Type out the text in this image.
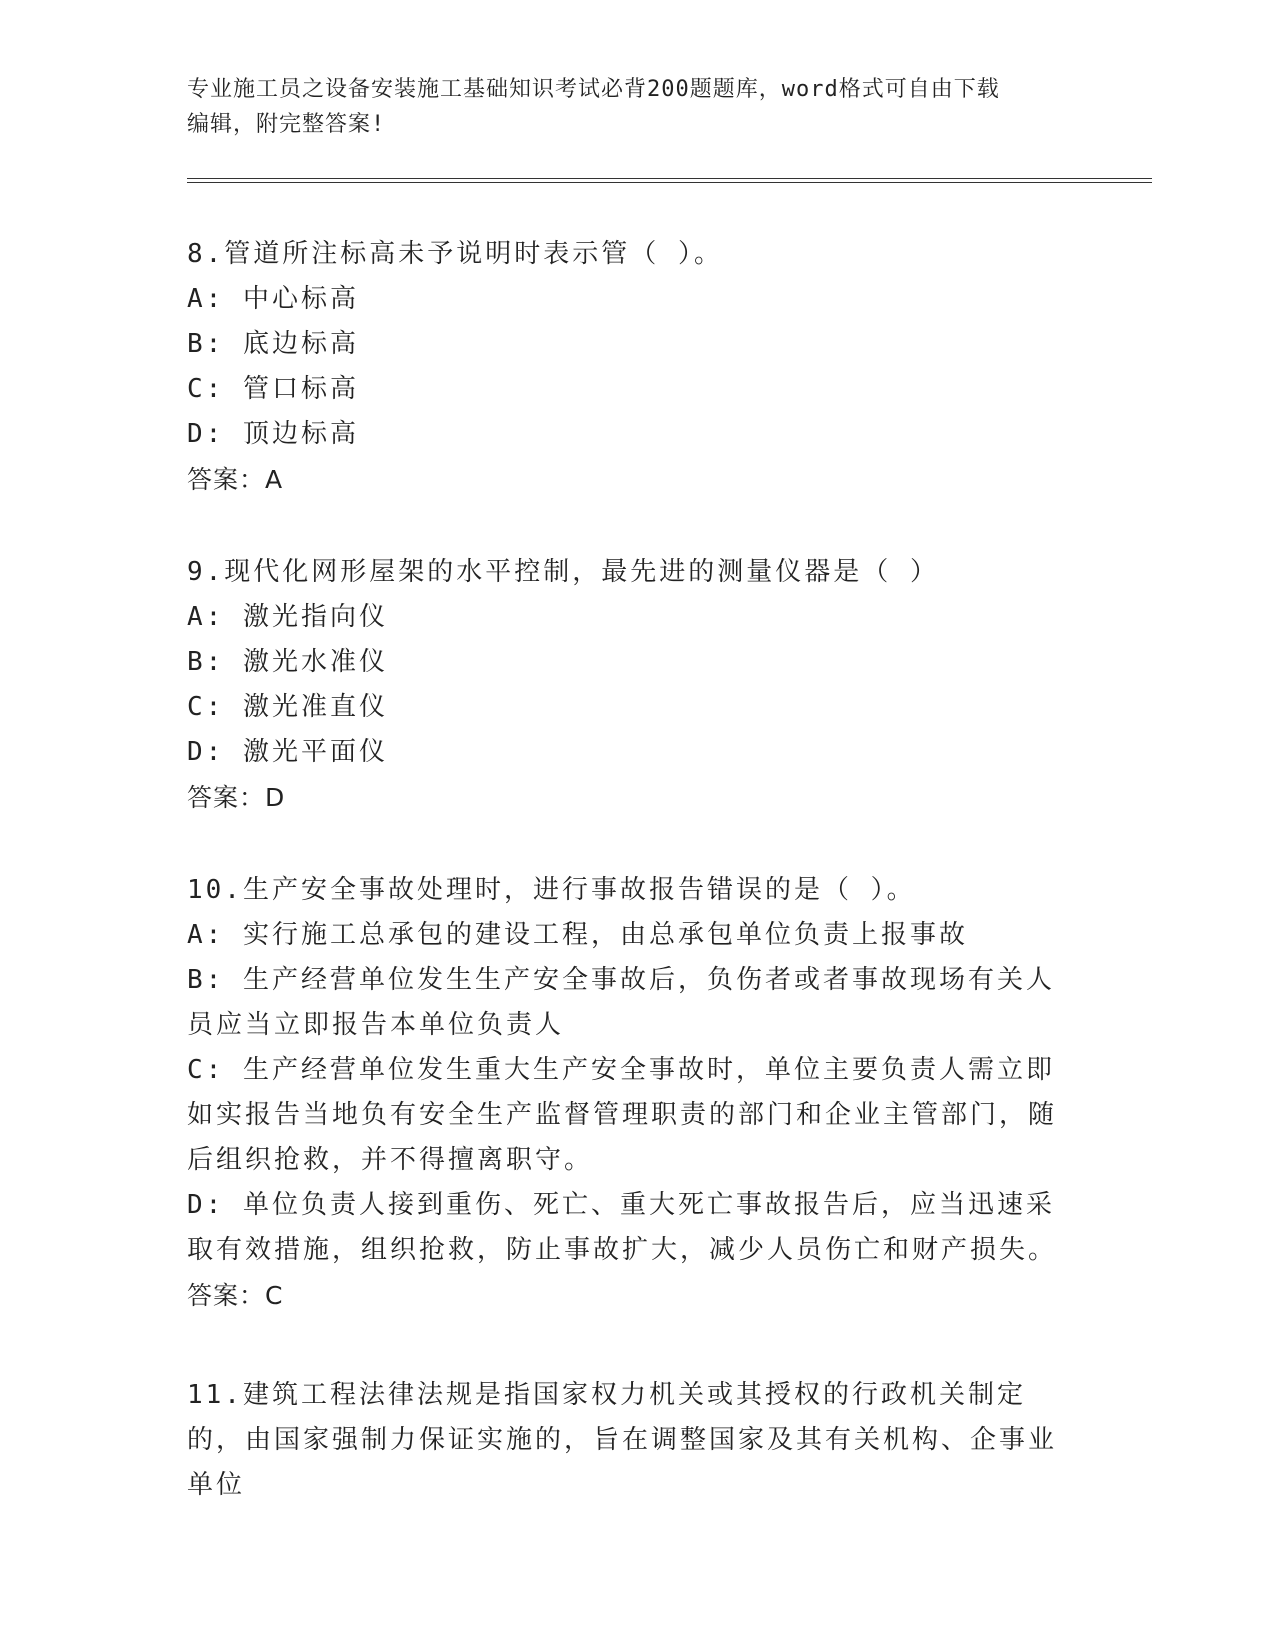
专业施工员之设备安装施工基础知识考试必背200题题库，word格式可自由下载
编辑，附完整答案!
8.管道所注标高未予说明时表示管（ ）。
A: 中心标高
B: 底边标高
C: 管口标高
D: 顶边标高
答案：A
9.现代化网形屋架的水平控制，最先进的测量仪器是（ ）
A: 激光指向仪
B: 激光水准仪
C: 激光准直仪
D: 激光平面仪
答案：D
10.生产安全事故处理时，进行事故报告错误的是（ ）。
A: 实行施工总承包的建设工程，由总承包单位负责上报事故
B: 生产经营单位发生生产安全事故后，负伤者或者事故现场有关人员应当立即报告本单位负责人
C: 生产经营单位发生重大生产安全事故时，单位主要负责人需立即如实报告当地负有安全生产监督管理职责的部门和企业主管部门，随后组织抢救，并不得擅离职守。
D: 单位负责人接到重伤、死亡、重大死亡事故报告后，应当迅速采取有效措施，组织抢救，防止事故扩大，减少人员伤亡和财产损失。
答案：C
11.建筑工程法律法规是指国家权力机关或其授权的行政机关制定的，由国家强制力保证实施的，旨在调整国家及其有关机构、企事业单位
